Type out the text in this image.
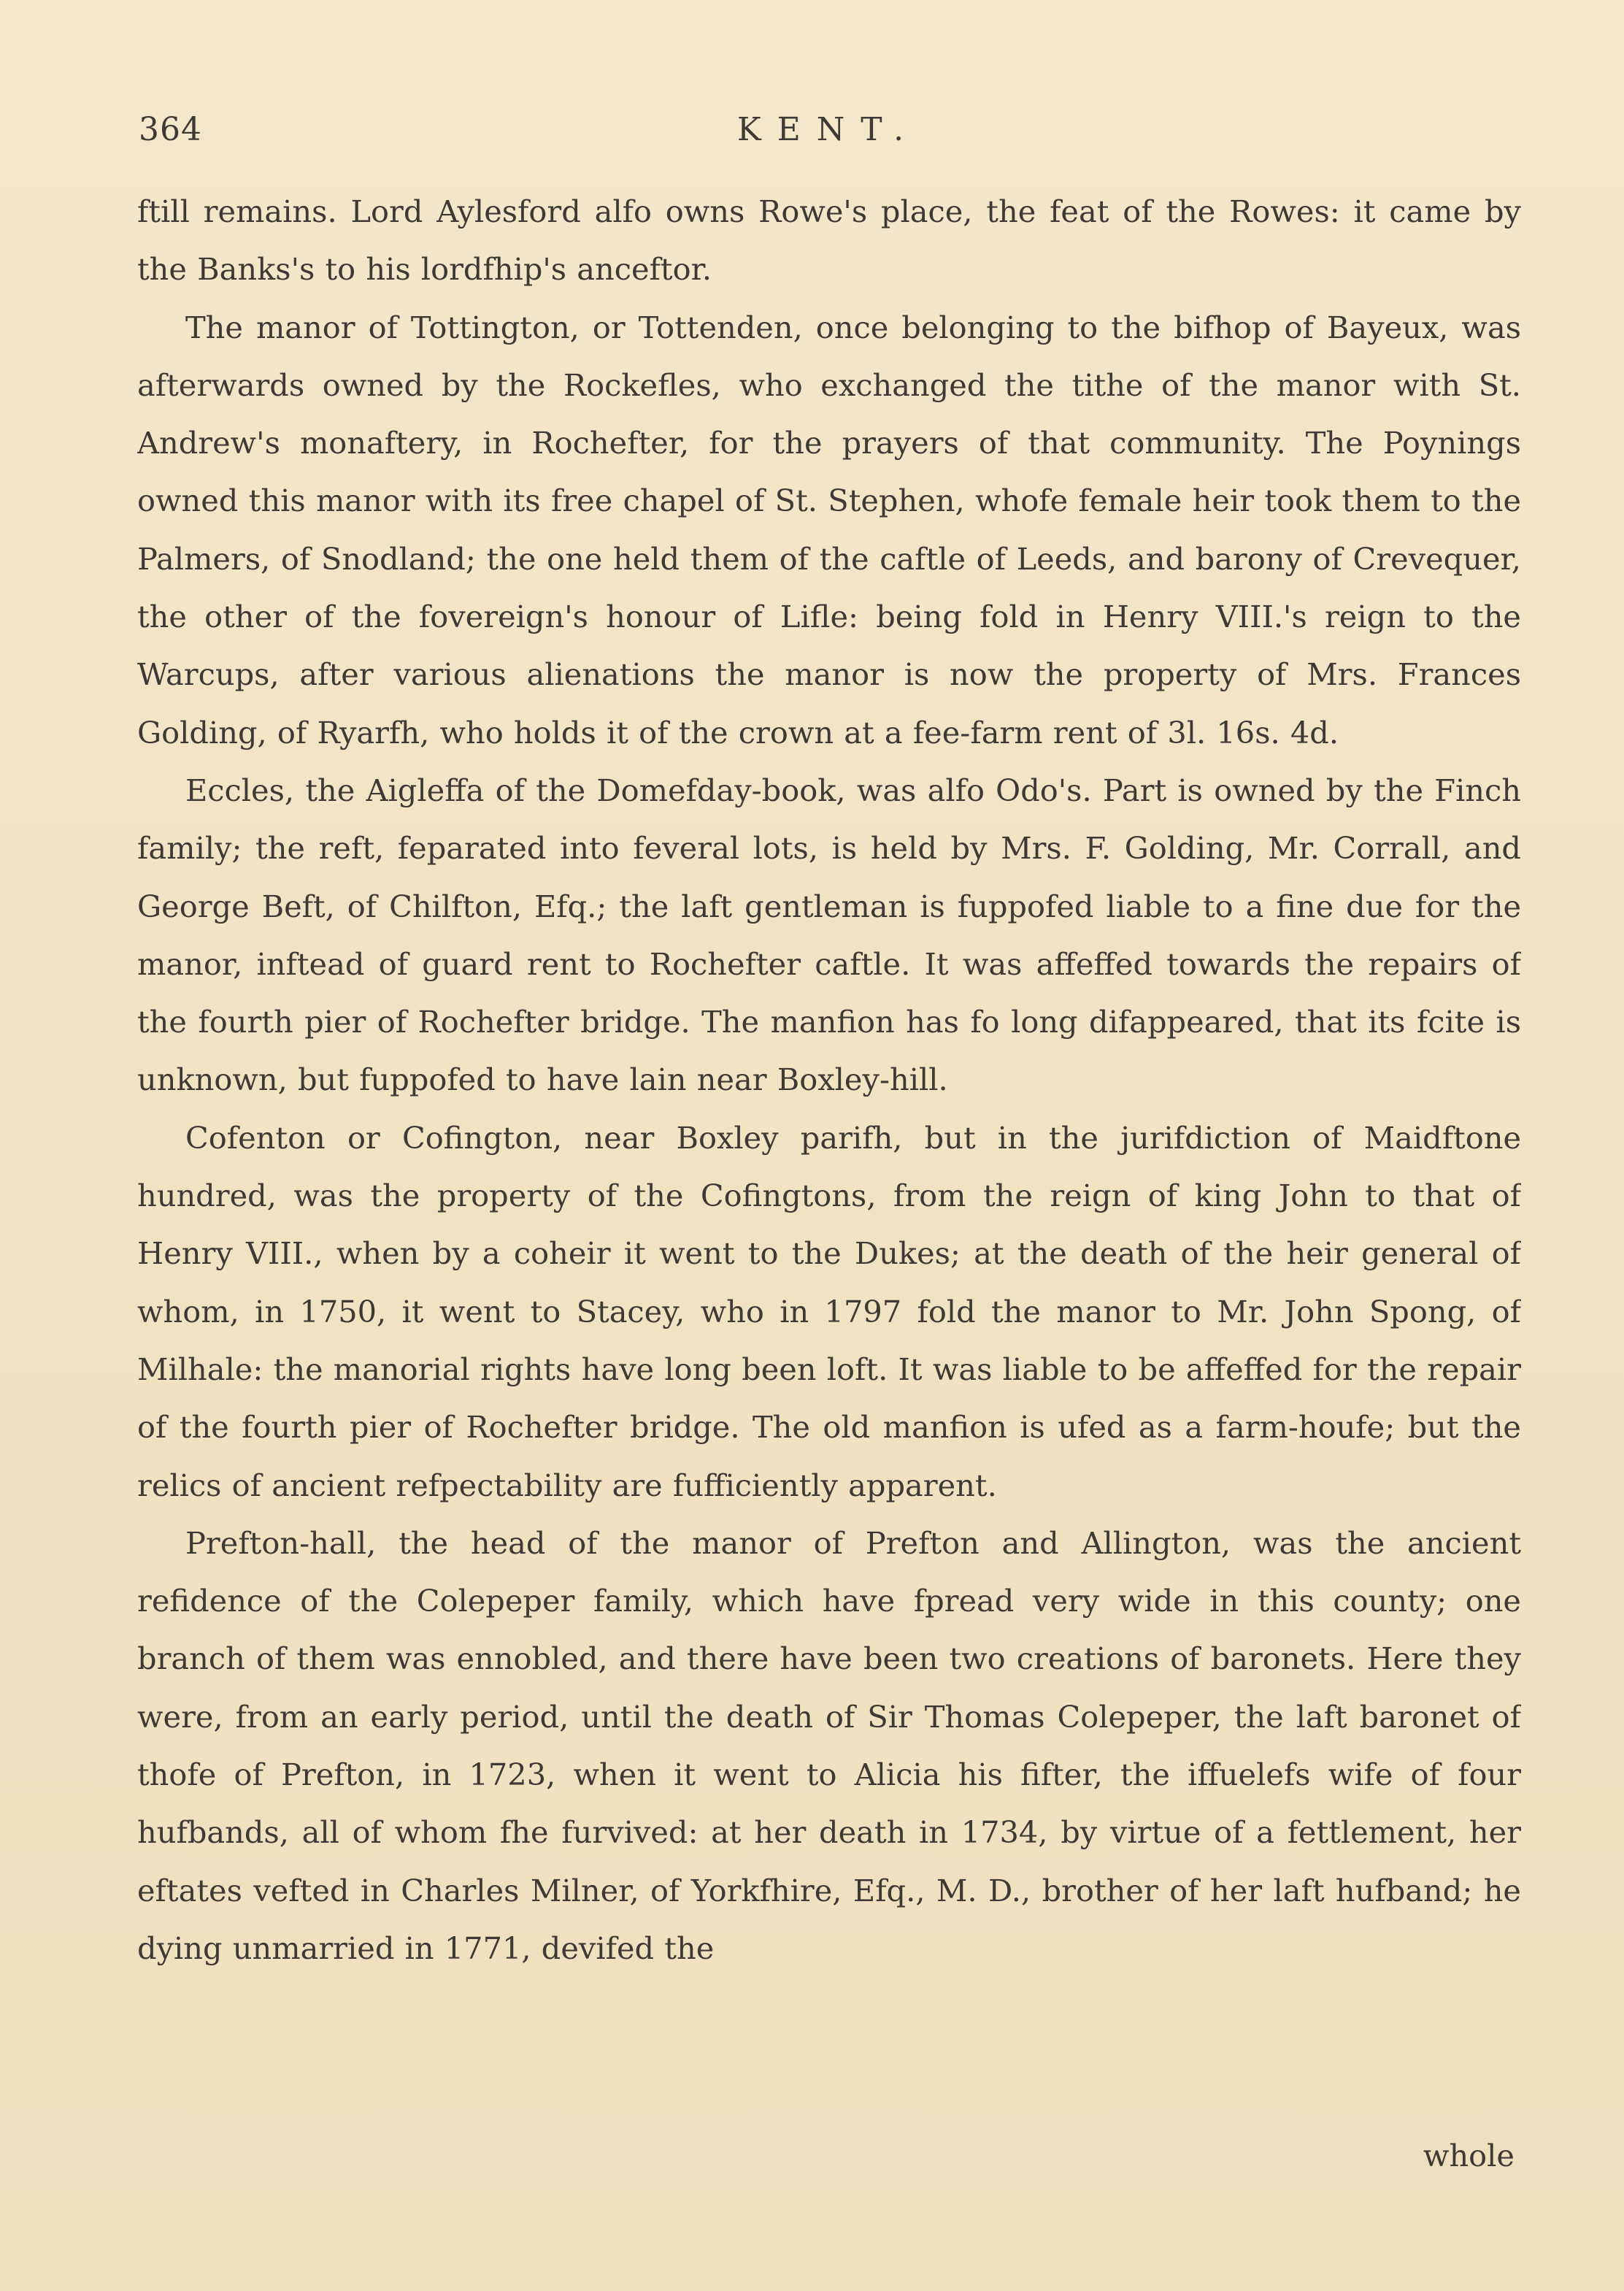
364	KENT.

ftill remains. Lord Aylesford alfo owns Rowe's place, the feat of the Rowes: it came by the Banks's to his lordfhip's anceftor.

The manor of Tottington, or Tottenden, once belonging to the bifhop of Bayeux, was afterwards owned by the Rockefles, who exchanged the tithe of the manor with St. Andrew's monaftery, in Rochefter, for the prayers of that community. The Poynings owned this manor with its free chapel of St. Stephen, whofe female heir took them to the Palmers, of Snodland; the one held them of the caftle of Leeds, and barony of Crevequer, the other of the fovereign's honour of Lifle: being fold in Henry VIII.'s reign to the Warcups, after various alienations the manor is now the property of Mrs. Frances Golding, of Ryarfh, who holds it of the crown at a fee-farm rent of 3l. 16s. 4d.

Eccles, the Aigleffa of the Domefday-book, was alfo Odo's. Part is owned by the Finch family; the reft, feparated into feveral lots, is held by Mrs. F. Golding, Mr. Corrall, and George Beft, of Chilfton, Efq.; the laft gentleman is fuppofed liable to a fine due for the manor, inftead of guard rent to Rochefter caftle. It was affeffed towards the repairs of the fourth pier of Rochefter bridge. The manfion has fo long difappeared, that its fcite is unknown, but fuppofed to have lain near Boxley-hill.

Cofenton or Cofington, near Boxley parifh, but in the jurifdiction of Maidftone hundred, was the property of the Cofingtons, from the reign of king John to that of Henry VIII., when by a coheir it went to the Dukes; at the death of the heir general of whom, in 1750, it went to Stacey, who in 1797 fold the manor to Mr. John Spong, of Milhale: the manorial rights have long been loft. It was liable to be affeffed for the repair of the fourth pier of Rochefter bridge. The old manfion is ufed as a farm-houfe; but the relics of ancient refpectability are fufficiently apparent.

Prefton-hall, the head of the manor of Prefton and Allington, was the ancient refidence of the Colepeper family, which have fpread very wide in this county; one branch of them was ennobled, and there have been two creations of baronets. Here they were, from an early period, until the death of Sir Thomas Colepeper, the laft baronet of thofe of Prefton, in 1723, when it went to Alicia his fifter, the iffuelefs wife of four hufbands, all of whom fhe furvived: at her death in 1734, by virtue of a fettlement, her eftates vefted in Charles Milner, of Yorkfhire, Efq., M. D., brother of her laft hufband; he dying unmarried in 1771, devifed the

whole
